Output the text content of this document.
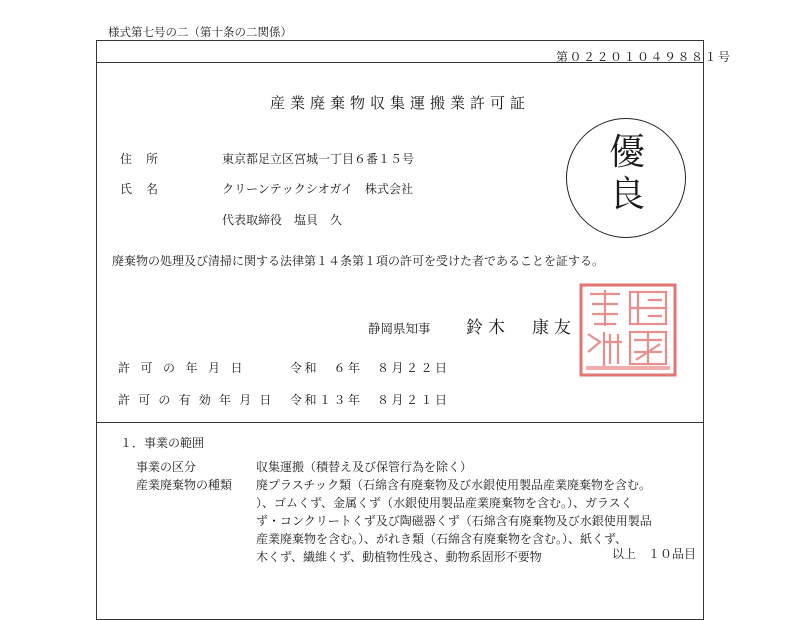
様式第七号の二（第十条の二関係）
第０２２０１０４９８８１号
産業廃棄物収集運搬業許可証
優
良
住所	東京都足立区宮城一丁目６番１５号
氏名	クリーンテックシオガイ　株式会社
代表取締役　塩貝　久
廃棄物の処理及び清掃に関する法律第１４条第１項の許可を受けた者であることを証する。
静岡県知事 鈴木　康友
許可の年月日	令和　６年　８月２２日
許可の有効年月日 令和１３年　８月２１日
１．事業の範囲
事業の区分	収集運搬（積替え及び保管行為を除く）
産業廃棄物の種類 廃プラスチック類（石綿含有廃棄物及び水銀使用製品産業廃棄物を含む。
）、ゴムくず、金属くず（水銀使用製品産業廃棄物を含む。）、ガラスく
ず・コンクリートくず及び陶磁器くず（石綿含有廃棄物及び水銀使用製品
産業廃棄物を含む。）、がれき類（石綿含有廃棄物を含む。）、紙くず、
木くず、繊維くず、動植物性残さ、動物系固形不要物	以上　１０品目
